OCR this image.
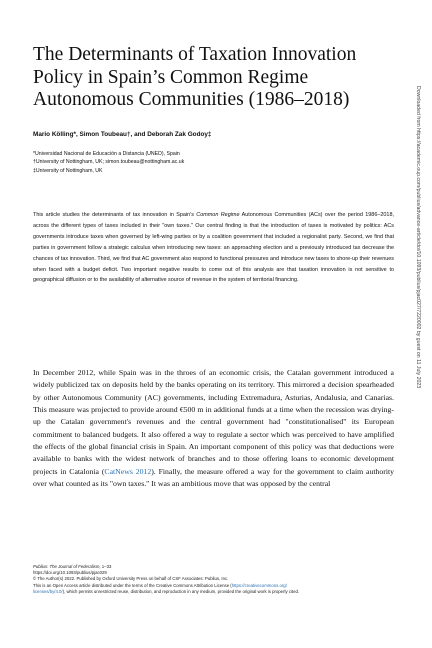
The Determinants of Taxation Innovation Policy in Spain’s Common Regime Autonomous Communities (1986–2018)
Mario Kölling*, Simon Toubeau†, and Deborah Zak Godoy‡
*Universidad Nacional de Educación a Distancia (UNED), Spain
†University of Nottingham, UK; simon.toubeau@nottingham.ac.uk
‡University of Nottingham, UK

This article studies the determinants of tax innovation in Spain's Common Regime Autonomous Communities (ACs) over the period 1986–2018, across the different types of taxes included in their "own taxes." Our central finding is that the introduction of taxes is motivated by politics: ACs governments introduce taxes when governed by left-wing parties or by a coalition government that included a regionalist party. Second, we find that parties in government follow a strategic calculus when introducing new taxes: an approaching election and a previously introduced tax decrease the chances of tax innovation. Third, we find that AC government also respond to functional pressures and introduce new taxes to shore-up their revenues when faced with a budget deficit. Two important negative results to come out of this analysis are that taxation innovation is not sensitive to geographical diffusion or to the availability of alternative source of revenue in the system of territorial financing.

In December 2012, while Spain was in the throes of an economic crisis, the Catalan government introduced a widely publicized tax on deposits held by the banks operating on its territory. This mirrored a decision spearheaded by other Autonomous Community (AC) governments, including Extremadura, Asturias, Andalusia, and Canarias. This measure was projected to provide around €500 m in additional funds at a time when the recession was drying-up the Catalan government's revenues and the central government had "constitutionalised" its European commitment to balanced budgets. It also offered a way to regulate a sector which was perceived to have amplified the effects of the global financial crisis in Spain. An important component of this policy was that deductions were available to banks with the widest network of branches and to those offering loans to economic development projects in Catalonia (CatNews 2012). Finally, the measure offered a way for the government to claim authority over what counted as its "own taxes." It was an ambitious move that was opposed by the central

Publius: The Journal of Federalism, 1–33
https://doi.org/10.1093/publius/pjac029
© The Author(s) 2022. Published by Oxford University Press on behalf of CSF Associates: Publius, Inc.
This is an Open Access article distributed under the terms of the Creative Commons Attribution License (https://creativecommons.org/
licenses/by/4.0/), which permits unrestricted reuse, distribution, and reproduction in any medium, provided the original work is properly cited.
Downloaded from https://academic.oup.com/publius/advance-article/doi/10.1093/publius/pjac027/7220002 by guest on 11 July 2023
